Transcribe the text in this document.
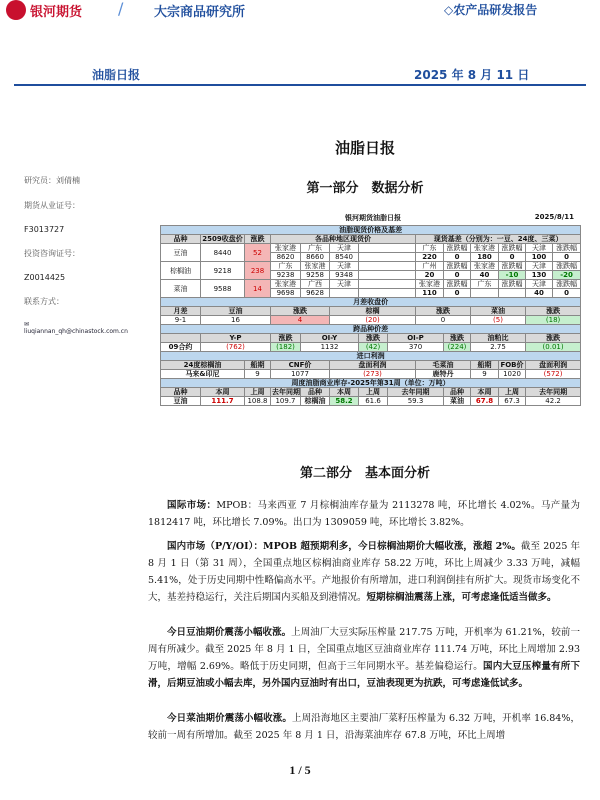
银河期货 / 大宗商品研究所	◇农产品研发报告
油脂日报	2025 年 8 月 11 日
油脂日报
第一部分　数据分析
研究员：刘倩楠
期货从业证号：
F3013727
投资咨询证号：
Z0014425
联系方式：
✉ liuqiannan_qh@chinastock.com.cn
银河期货油脂日报	2025/8/11
油脂现货价格及基差													
品种	2509收盘价	涨跌	各品种地区现货价					现货基差（分别为：一豆、24度、三菜）					
豆油	8440	52	张家港	广东	天津			广东	涨跌幅	张家港	涨跌幅	天津	涨跌幅
			8620	8660	8540			220	0	180	0	100	0
棕榈油	9218	238	广东	张家港	天津			广州	涨跌幅	张家港	涨跌幅	天津	涨跌幅
			9238	9258	9348			20	0	40	-10	130	-20
菜油	9588	14	张家港	广西	天津			张家港	涨跌幅	广东	涨跌幅	天津	涨跌幅
			9698	9628				110	0			40	0
月差收盘价													
月差	豆油		涨跌		棕榈			涨跌		菜油		涨跌	
9-1	16		4		(20)			0		(5)		(18)	
跨品种价差													
	Y-P		涨跌	OI-Y		涨跌	OI-P		涨跌	油粕比		涨跌	
09合约	(762)		(182)	1132		(42)	370		(224)	2.75		(0.01)	
进口利润													
24度棕榈油		船期	CNF价		盘面利润			毛菜油		船期	FOB价	盘面利润	
马来&印尼		9	1077		(273)			鹿特丹		9	1020	(572)	
周度油脂商业库存-2025年第31周（单位：万吨）													
品种	本周	上周	去年同期	品种	本周	上周	去年同期		品种	本周	上周	去年同期	
豆油	111.7	108.8	109.7	棕榈油	58.2	61.6	59.3		菜油	67.8	67.3	42.2	
第二部分　基本面分析
国际市场：MPOB：马来西亚 7 月棕榈油库存量为 2113278 吨，环比增长 4.02%。马产量为 1812417 吨，环比增长 7.09%。出口为 1309059 吨，环比增长 3.82%。
国内市场（P/Y/OI）：MPOB 超预期利多，今日棕榈油期价大幅收涨，涨超 2%。截至 2025 年 8 月 1 日（第 31 周），全国重点地区棕榈油商业库存 58.22 万吨，环比上周减少 3.33 万吨，减幅 5.41%，处于历史同期中性略偏高水平。产地报价有所增加，进口利润倒挂有所扩大。现货市场变化不大，基差持稳运行，关注后期国内买船及到港情况。短期棕榈油震荡上涨，可考虑逢低适当做多。
今日豆油期价震荡小幅收涨。上周油厂大豆实际压榨量 217.75 万吨，开机率为 61.21%，较前一周有所减少。截至 2025 年 8 月 1 日，全国重点地区豆油商业库存 111.74 万吨，环比上周增加 2.93 万吨，增幅 2.69%。略低于历史同期，但高于三年同期水平。基差偏稳运行。国内大豆压榨量有所下滑，后期豆油或小幅去库，另外国内豆油时有出口，豆油表现更为抗跌，可考虑逢低试多。
今日菜油期价震荡小幅收涨。上周沿海地区主要油厂菜籽压榨量为 6.32 万吨，开机率 16.84%，较前一周有所增加。截至 2025 年 8 月 1 日，沿海菜油库存 67.8 万吨，环比上周增
1 / 5
